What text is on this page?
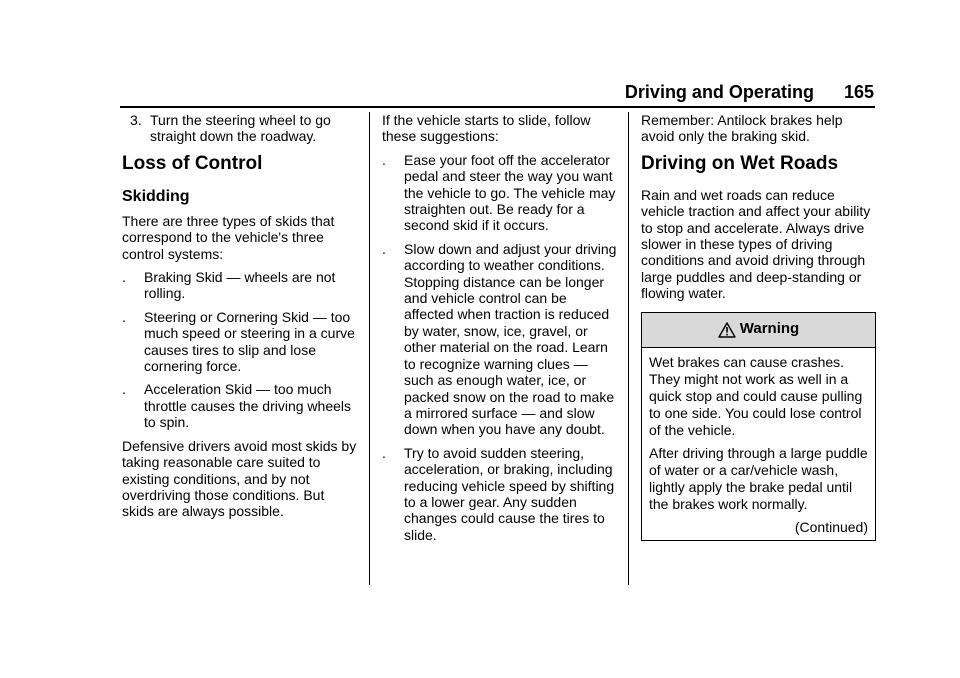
Driving and Operating 165
3. Turn the steering wheel to go straight down the roadway.
Loss of Control
Skidding

There are three types of skids that correspond to the vehicle's three control systems:

.	Braking Skid — wheels are not rolling.
.	Steering or Cornering Skid — too much speed or steering in a curve causes tires to slip and lose cornering force.
.	Acceleration Skid — too much throttle causes the driving wheels to spin.

Defensive drivers avoid most skids by taking reasonable care suited to existing conditions, and by not overdriving those conditions. But skids are always possible.

If the vehicle starts to slide, follow these suggestions:

.	Ease your foot off the accelerator pedal and steer the way you want the vehicle to go. The vehicle may straighten out. Be ready for a second skid if it occurs.
.	Slow down and adjust your driving according to weather conditions. Stopping distance can be longer and vehicle control can be affected when traction is reduced by water, snow, ice, gravel, or other material on the road. Learn to recognize warning clues — such as enough water, ice, or packed snow on the road to make a mirrored surface — and slow down when you have any doubt.
.	Try to avoid sudden steering, acceleration, or braking, including reducing vehicle speed by shifting to a lower gear. Any sudden changes could cause the tires to slide.

Remember: Antilock brakes help avoid only the braking skid.

Driving on Wet Roads

Rain and wet roads can reduce vehicle traction and affect your ability to stop and accelerate. Always drive slower in these types of driving conditions and avoid driving through large puddles and deep-standing or flowing water.

Warning

Wet brakes can cause crashes. They might not work as well in a quick stop and could cause pulling to one side. You could lose control of the vehicle.

After driving through a large puddle of water or a car/vehicle wash, lightly apply the brake pedal until the brakes work normally.

(Continued)
